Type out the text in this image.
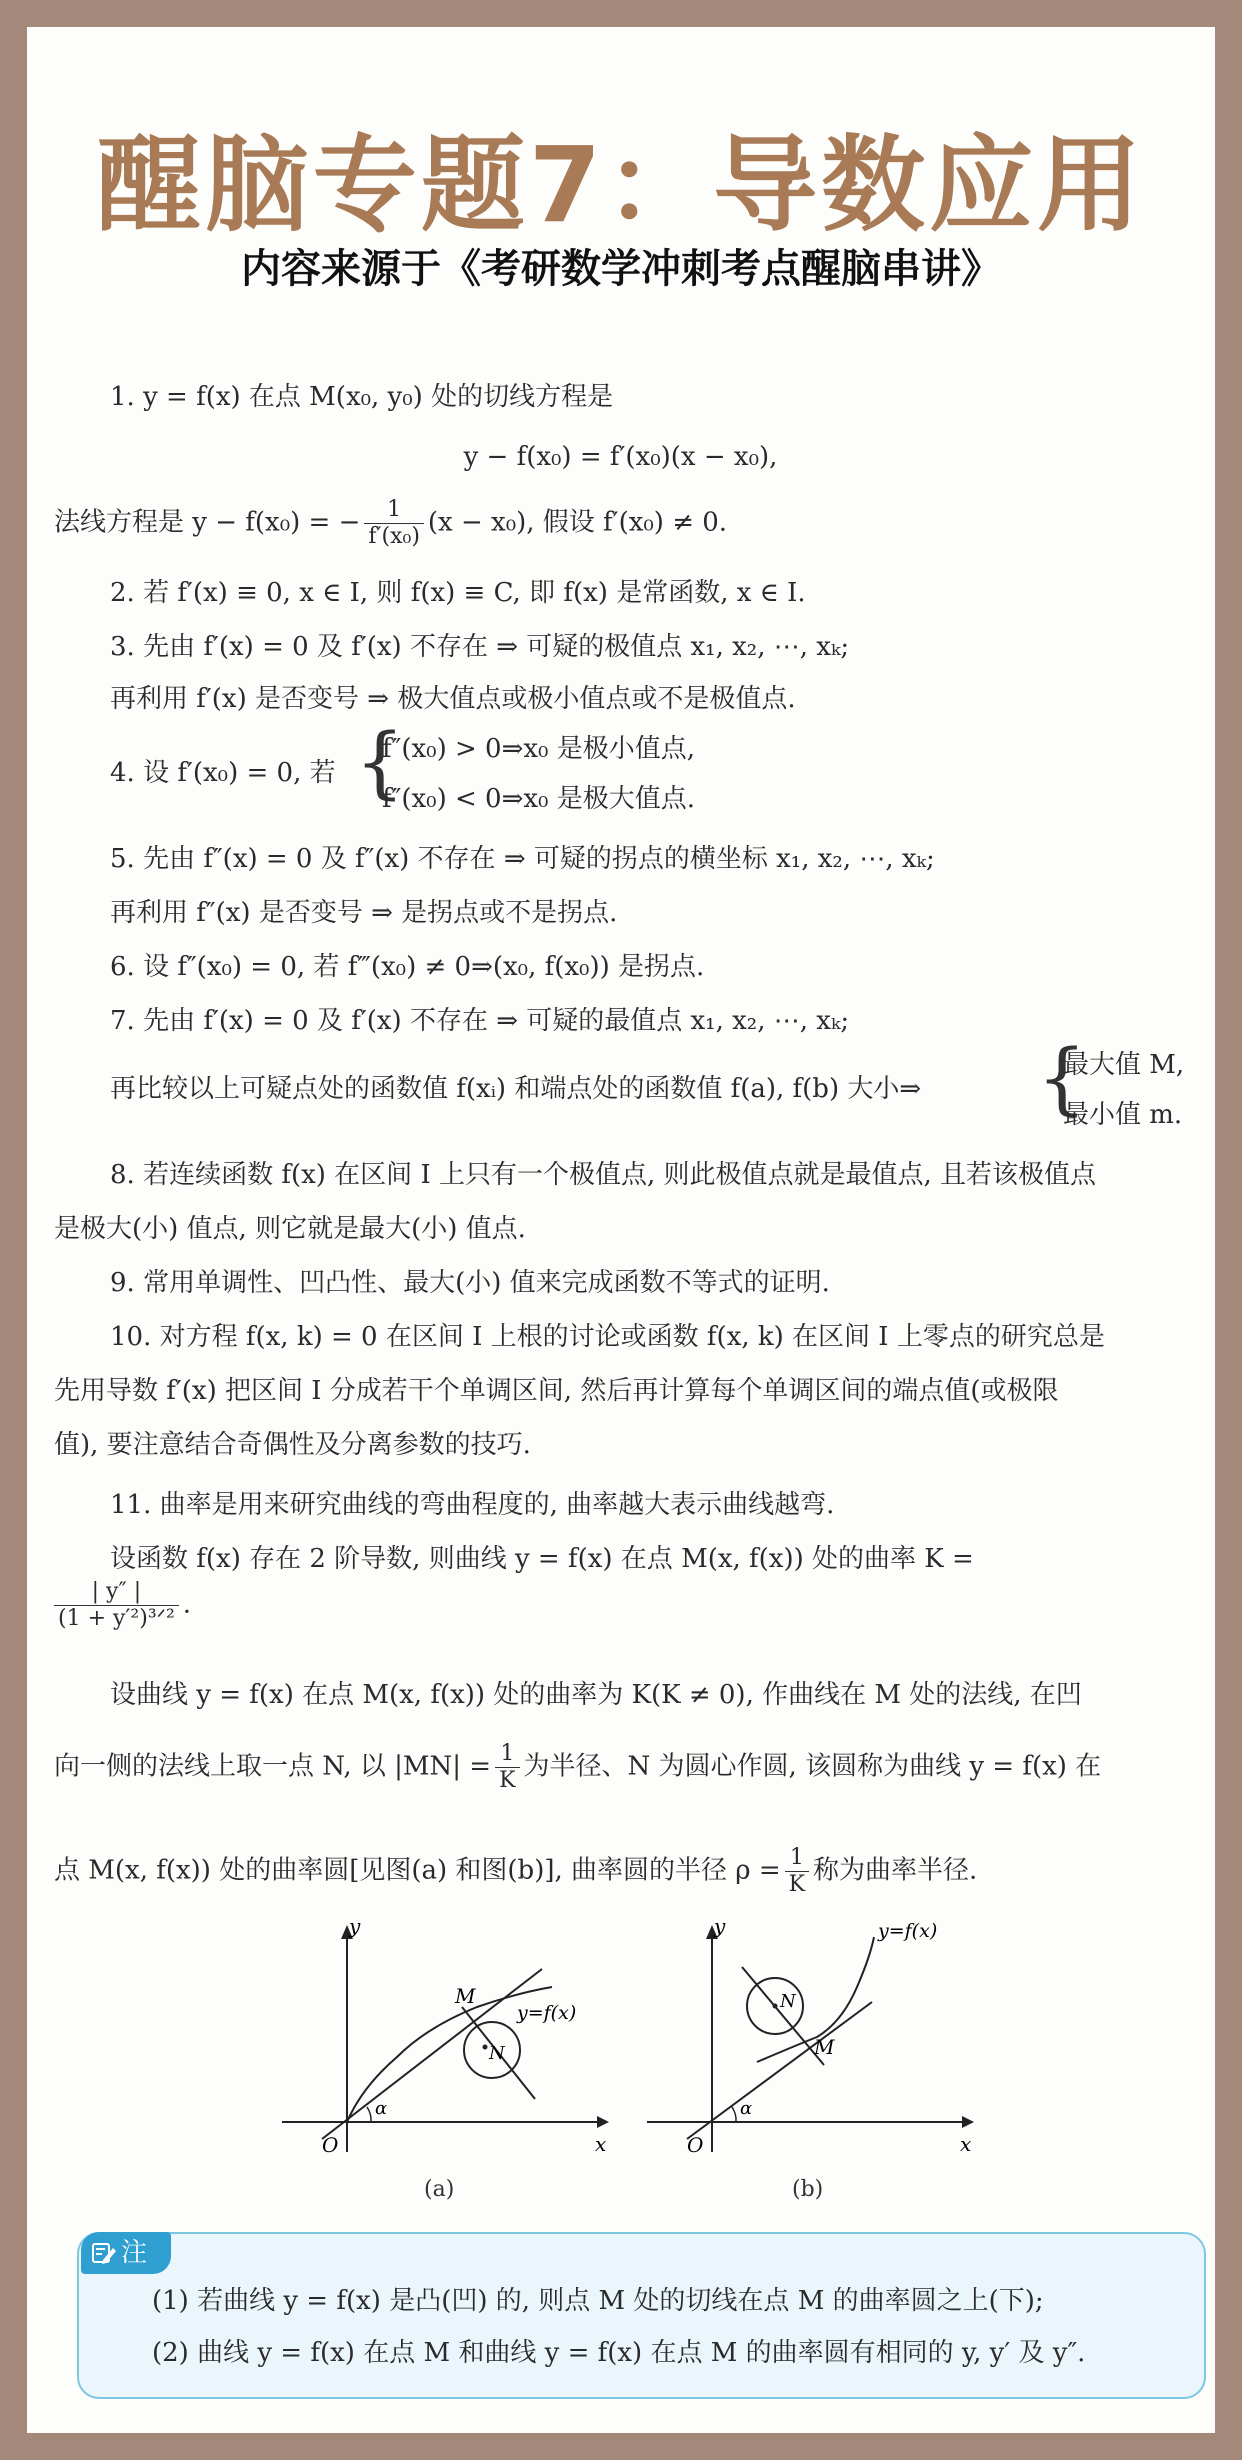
醒脑专题7：导数应用
内容来源于《考研数学冲刺考点醒脑串讲》
1. y = f(x) 在点 M(x₀, y₀) 处的切线方程是
y − f(x₀) = f′(x₀)(x − x₀),
法线方程是 y − f(x₀) = − $\frac{1}{\text{f′(x₀)}} (x - x_0)$, 假设 f′(x₀) ≠ 0.
2. 若 f′(x) ≡ 0, x ∈ I, 则 f(x) ≡ C, 即 f(x) 是常函数, x ∈ I.
3. 先由 f′(x) = 0 及 f′(x) 不存在 ⇒ 可疑的极值点 x₁, x₂, ⋯, xₖ;
再利用 f′(x) 是否变号 ⇒ 极大值点或极小值点或不是极值点.
4. 设 f′(x₀) = 0, 若 {
f″(x₀) > 0⇒x₀ 是极小值点,
f″(x₀) < 0⇒x₀ 是极大值点.
5. 先由 f″(x) = 0 及 f″(x) 不存在 ⇒ 可疑的拐点的横坐标 x₁, x₂, ⋯, xₖ;
再利用 f″(x) 是否变号 ⇒ 是拐点或不是拐点.
6. 设 f″(x₀) = 0, 若 f‴(x₀) ≠ 0⇒(x₀, f(x₀)) 是拐点.
7. 先由 f′(x) = 0 及 f′(x) 不存在 ⇒ 可疑的最值点 x₁, x₂, ⋯, xₖ;
再比较以上可疑点处的函数值 f(xᵢ) 和端点处的函数值 f(a), f(b) 大小⇒	{
最大值 M,
最小值 m.
8. 若连续函数 f(x) 在区间 I 上只有一个极值点, 则此极值点就是最值点, 且若该极值点
是极大(小) 值点, 则它就是最大(小) 值点.
9. 常用单调性、凹凸性、最大(小) 值来完成函数不等式的证明.
10. 对方程 f(x, k) = 0 在区间 I 上根的讨论或函数 f(x, k) 在区间 I 上零点的研究总是
先用导数 f′(x) 把区间 I 分成若干个单调区间, 然后再计算每个单调区间的端点值(或极限
值), 要注意结合奇偶性及分离参数的技巧.
11. 曲率是用来研究曲线的弯曲程度的, 曲率越大表示曲线越弯.
设函数 f(x) 存在 2 阶导数, 则曲线 y = f(x) 在点 M(x, f(x)) 处的曲率 K =
$\frac{| y'' |}{\text{(1 + y′²)³ᐟ²}}$ .
设曲线 y = f(x) 在点 M(x, f(x)) 处的曲率为 K(K ≠ 0), 作曲线在 M 处的法线, 在凹
向一侧的法线上取一点 N, 以 $|MN| = \frac{1}{K}$ 为半径、N 为圆心作圆, 该圆称为曲线 y = f(x) 在
点 M(x, f(x)) 处的曲率圆[见图(a) 和图(b)], 曲率圆的半径 $\rho = \frac{1}{K}$ 称为曲率半径.
y
x
O
α
M
N
y=f(x)
(a)
y
x
O
α
M
N
y=f(x)
(b)
注
(1) 若曲线 y = f(x) 是凸(凹) 的, 则点 M 处的切线在点 M 的曲率圆之上(下);
(2) 曲线 y = f(x) 在点 M 和曲线 y = f(x) 在点 M 的曲率圆有相同的 y, y′ 及 y″.
